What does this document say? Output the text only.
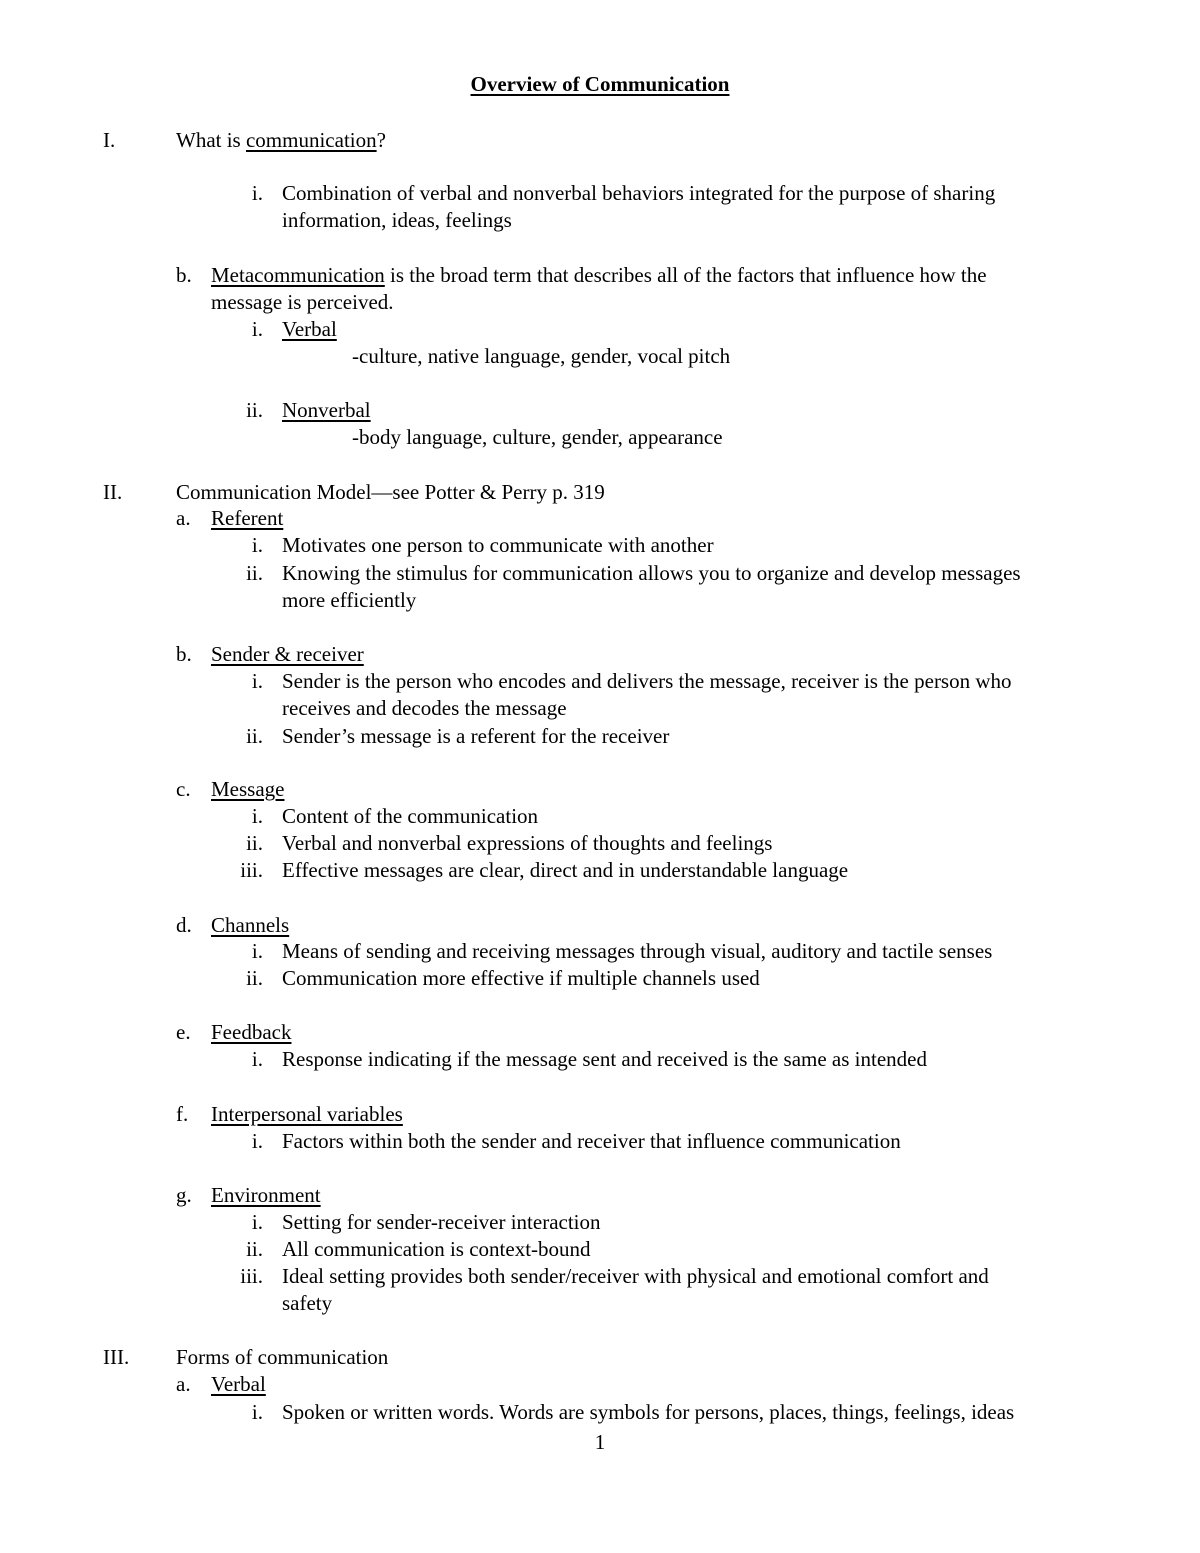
Overview of Communication
I.	What is communication?
i. Combination of verbal and nonverbal behaviors integrated for the purpose of sharing
information, ideas, feelings
b. Metacommunication is the broad term that describes all of the factors that influence how the
message is perceived.
i. Verbal
-culture, native language, gender, vocal pitch
ii. Nonverbal
-body language, culture, gender, appearance
II.	Communication Model—see Potter & Perry p. 319
a. Referent
i. Motivates one person to communicate with another
ii. Knowing the stimulus for communication allows you to organize and develop messages
more efficiently
b. Sender & receiver
i. Sender is the person who encodes and delivers the message, receiver is the person who
receives and decodes the message
ii. Sender’s message is a referent for the receiver
c. Message
i. Content of the communication
ii. Verbal and nonverbal expressions of thoughts and feelings
iii. Effective messages are clear, direct and in understandable language
d. Channels
i. Means of sending and receiving messages through visual, auditory and tactile senses
ii. Communication more effective if multiple channels used
e. Feedback
i. Response indicating if the message sent and received is the same as intended
f. Interpersonal variables
i. Factors within both the sender and receiver that influence communication
g. Environment
i. Setting for sender-receiver interaction
ii. All communication is context-bound
iii. Ideal setting provides both sender/receiver with physical and emotional comfort and
safety
III. Forms of communication
a. Verbal
i. Spoken or written words. Words are symbols for persons, places, things, feelings, ideas
1
